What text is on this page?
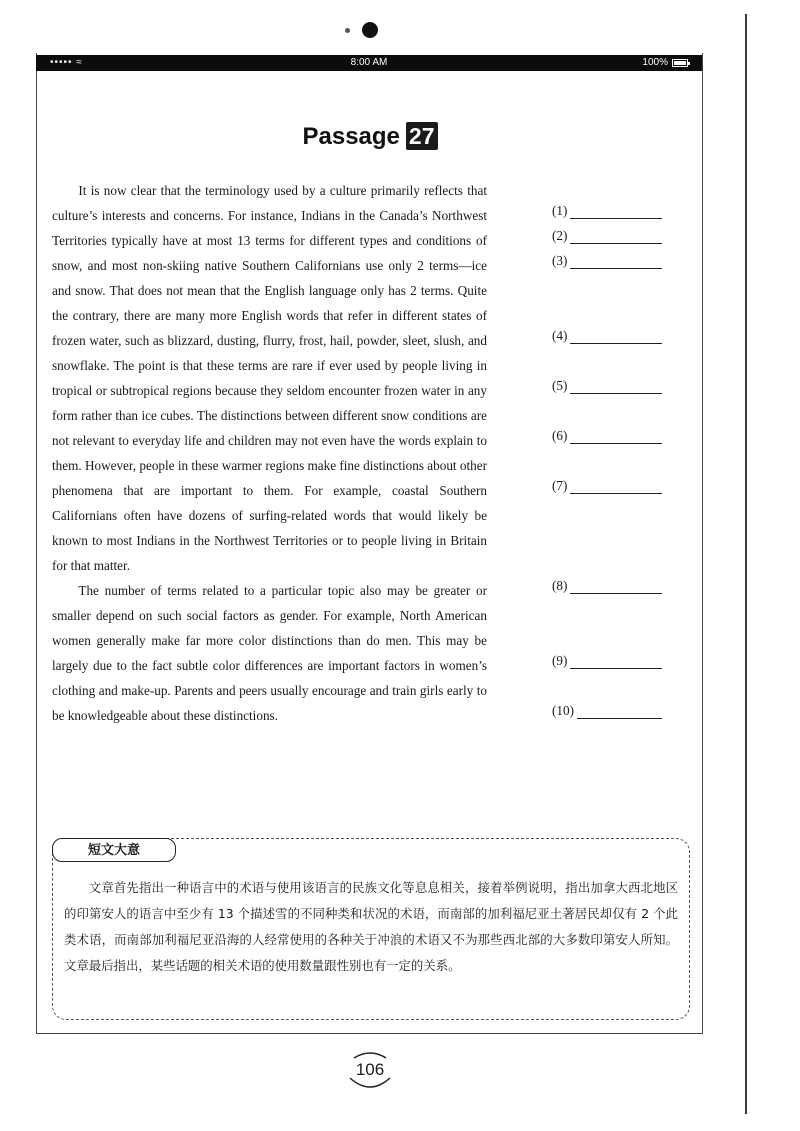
••••• ≈	8:00 AM	100%
Passage 27

It is now clear that the terminology used by a culture primarily reflects that culture’s interests and concerns. For instance, Indians in the Canada’s Northwest Territories typically have at most 13 terms for different types and conditions of snow, and most non-skiing native Southern Californians use only 2 terms—ice and snow. That does not mean that the English language only has 2 terms. Quite the contrary, there are many more English words that refer in different states of frozen water, such as blizzard, dusting, flurry, frost, hail, powder, sleet, slush, and snowflake. The point is that these terms are rare if ever used by people living in tropical or subtropical regions because they seldom encounter frozen water in any form rather than ice cubes. The distinctions between different snow conditions are not relevant to everyday life and children may not even have the words explain to them. However, people in these warmer regions make fine distinctions about other phenomena that are important to them. For example, coastal Southern Californians often have dozens of surfing-related words that would likely be known to most Indians in the Northwest Territories or to people living in Britain for that matter.

The number of terms related to a particular topic also may be greater or smaller depend on such social factors as gender. For example, North American women generally make far more color distinctions than do men. This may be largely due to the fact subtle color differences are important factors in women’s clothing and make-up. Parents and peers usually encourage and train girls early to be knowledgeable about these distinctions.

(1)
(2)
(3)
(4)
(5)
(6)
(7)
(8)
(9)
(10)
短文大意
文章首先指出一种语言中的术语与使用该语言的民族文化等息息相关，接着举例说明，指出加拿大西北地区的印第安人的语言中至少有 13 个描述雪的不同种类和状况的术语，而南部的加利福尼亚土著居民却仅有 2 个此类术语，而南部加利福尼亚沿海的人经常使用的各种关于冲浪的术语又不为那些西北部的大多数印第安人所知。文章最后指出，某些话题的相关术语的使用数量跟性别也有一定的关系。
106
